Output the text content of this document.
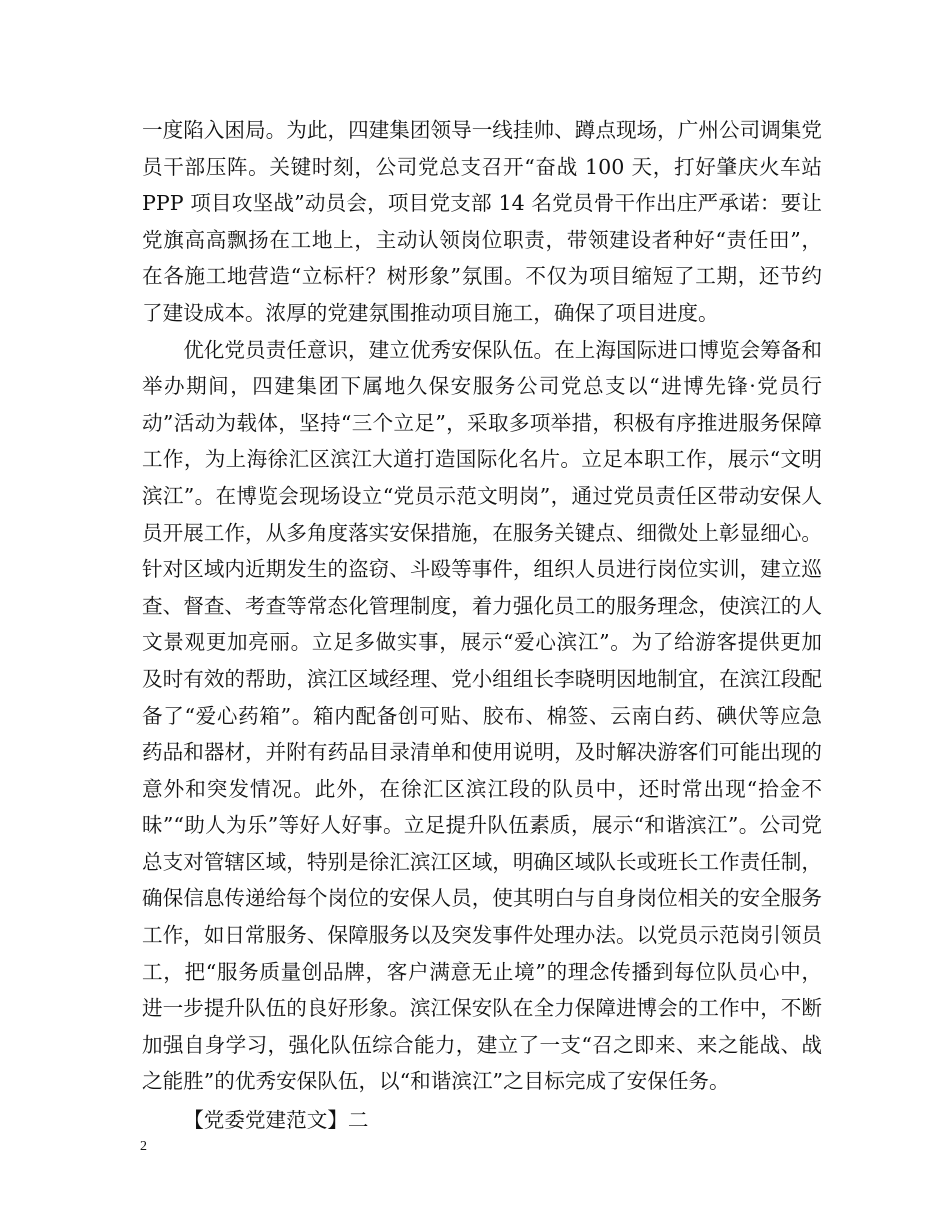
一度陷入困局。为此，四建集团领导一线挂帅、蹲点现场，广州公司调集党员干部压阵。关键时刻，公司党总支召开“奋战 100 天，打好肇庆火车站 PPP 项目攻坚战”动员会，项目党支部 14 名党员骨干作出庄严承诺：要让党旗高高飘扬在工地上，主动认领岗位职责，带领建设者种好“责任田”，在各施工地营造“立标杆？树形象”氛围。不仅为项目缩短了工期，还节约了建设成本。浓厚的党建氛围推动项目施工，确保了项目进度。

优化党员责任意识，建立优秀安保队伍。在上海国际进口博览会筹备和举办期间，四建集团下属地久保安服务公司党总支以“进博先锋·党员行动”活动为载体，坚持“三个立足”，采取多项举措，积极有序推进服务保障工作，为上海徐汇区滨江大道打造国际化名片。立足本职工作，展示“文明滨江”。在博览会现场设立“党员示范文明岗”，通过党员责任区带动安保人员开展工作，从多角度落实安保措施，在服务关键点、细微处上彰显细心。针对区域内近期发生的盗窃、斗殴等事件，组织人员进行岗位实训，建立巡查、督查、考查等常态化管理制度，着力强化员工的服务理念，使滨江的人文景观更加亮丽。立足多做实事，展示“爱心滨江”。为了给游客提供更加及时有效的帮助，滨江区域经理、党小组组长李晓明因地制宜，在滨江段配备了“爱心药箱”。箱内配备创可贴、胶布、棉签、云南白药、碘伏等应急药品和器材，并附有药品目录清单和使用说明，及时解决游客们可能出现的意外和突发情况。此外，在徐汇区滨江段的队员中，还时常出现“拾金不昧”“助人为乐”等好人好事。立足提升队伍素质，展示“和谐滨江”。公司党总支对管辖区域，特别是徐汇滨江区域，明确区域队长或班长工作责任制，确保信息传递给每个岗位的安保人员，使其明白与自身岗位相关的安全服务工作，如日常服务、保障服务以及突发事件处理办法。以党员示范岗引领员工，把“服务质量创品牌，客户满意无止境”的理念传播到每位队员心中，进一步提升队伍的良好形象。滨江保安队在全力保障进博会的工作中，不断加强自身学习，强化队伍综合能力，建立了一支“召之即来、来之能战、战之能胜”的优秀安保队伍，以“和谐滨江”之目标完成了安保任务。

【党委党建范文】二

2
